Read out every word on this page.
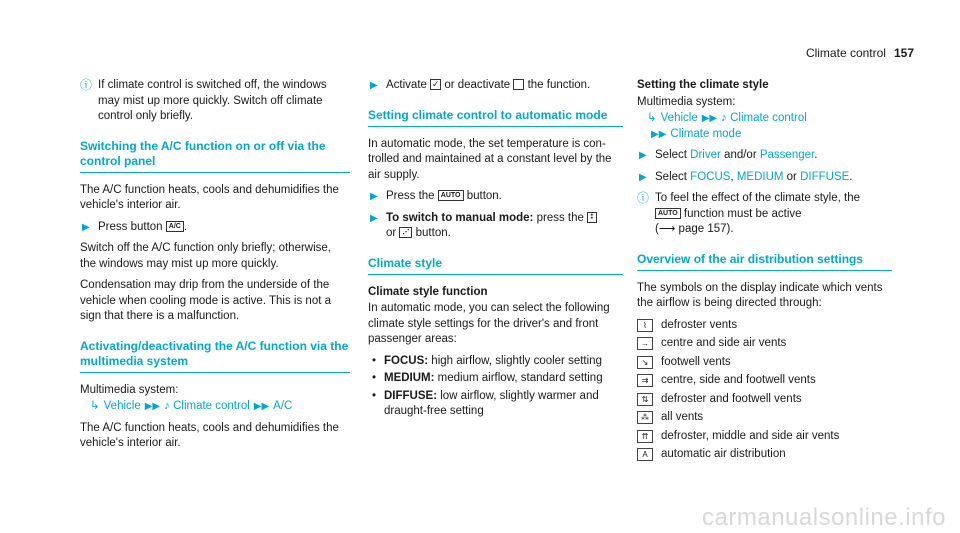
Climate control 157
ⓘ If climate control is switched off, the windows may mist up more quickly. Switch off climate control only briefly.
Switching the A/C function on or off via the control panel

The A/C function heats, cools and dehumidifies the vehicle's interior air.

▶ Press button A/C .

Switch off the A/C function only briefly; otherwise, the windows may mist up more quickly.

Condensation may drip from the underside of the vehicle when cooling mode is active. This is not a sign that there is a malfunction.

Activating/deactivating the A/C function via the multimedia system

Multimedia system:

↳ Vehicle ▶▶ ♪ Climate control ▶▶ A/C

The A/C function heats, cools and dehumidifies the vehicle's interior air.

▶ Activate ✓ or deactivate the function.
Setting climate control to automatic mode

In automatic mode, the set temperature is controlled and maintained at a constant level by the air supply.

▶ Press the AUTO button.
▶ To switch to manual mode: press the ⁑
or ⋰ button.
Climate style
Climate style function

In automatic mode, you can select the following climate style settings for the driver's and front passenger areas:

• FOCUS: high airflow, slightly cooler setting
• MEDIUM: medium airflow, standard setting
• DIFFUSE: low airflow, slightly warmer and draught-free setting
Setting the climate style

Multimedia system:

↳ Vehicle ▶▶ ♪ Climate control
▶▶ Climate mode
▶ Select Driver and/or Passenger.
▶ Select FOCUS, MEDIUM or DIFFUSE.
ⓘ To feel the effect of the climate style, the
AUTO function must be active
(⟶ page 157).
Overview of the air distribution settings

The symbols on the display indicate which vents the airflow is being directed through:

⌇	defroster vents
→	centre and side air vents
↘	footwell vents
⇉	centre, side and footwell vents
⇅	defroster and footwell vents
⁂	all vents
⇈	defroster, middle and side air vents
A	automatic air distribution
carmanualsonline.info
